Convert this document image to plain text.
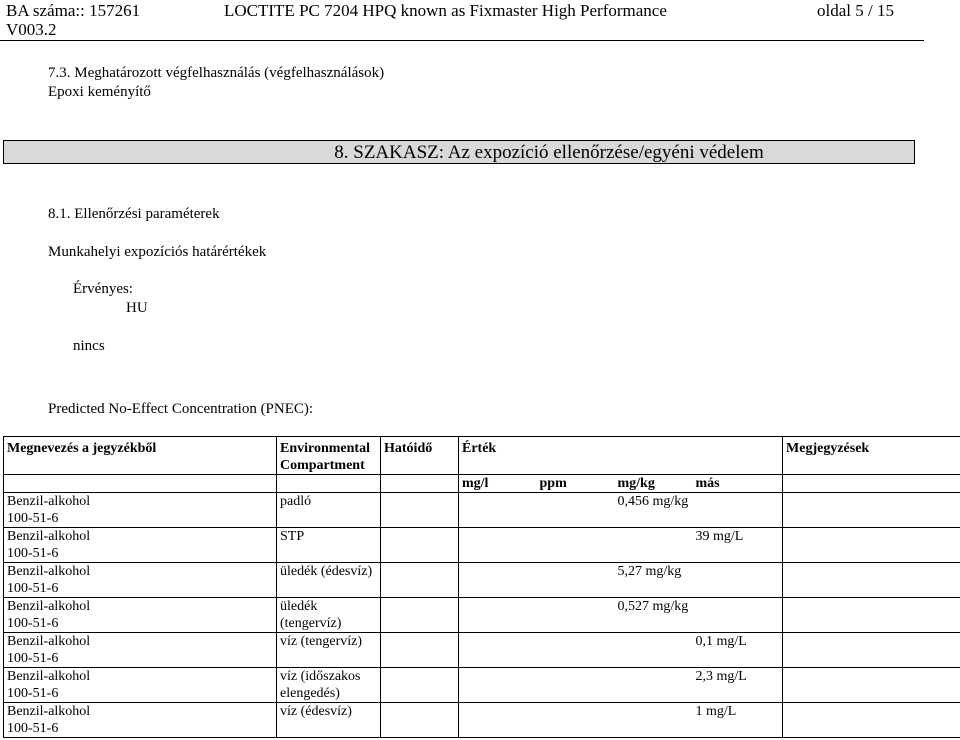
BA száma:: 157261
V003.2
LOCTITE PC 7204 HPQ known as Fixmaster High Performance	oldal 5 / 15
7.3. Meghatározott végfelhasználás (végfelhasználások)
Epoxi keményítő
8. SZAKASZ: Az expozíció ellenőrzése/egyéni védelem
8.1. Ellenőrzési paraméterek
Munkahelyi expozíciós határértékek
Érvényes:
HU
nincs
Predicted No-Effect Concentration (PNEC):
Megnevezés a jegyzékből	Environmental Compartment	Hatóidő	Érték				Megjegyzések
			mg/l	ppm	mg/kg	más	

Benzil-alkohol
100-51-6	padló				0,456 mg/kg		

Benzil-alkohol
100-51-6	STP					39 mg/L	

Benzil-alkohol
100-51-6	üledék (édesvíz)				5,27 mg/kg		

Benzil-alkohol
100-51-6	üledék (tengervíz)				0,527 mg/kg		

Benzil-alkohol
100-51-6	víz (tengervíz)					0,1 mg/L	

Benzil-alkohol
100-51-6	víz (időszakos elengedés)					2,3 mg/L	

Benzil-alkohol
100-51-6	víz (édesvíz)					1 mg/L	
